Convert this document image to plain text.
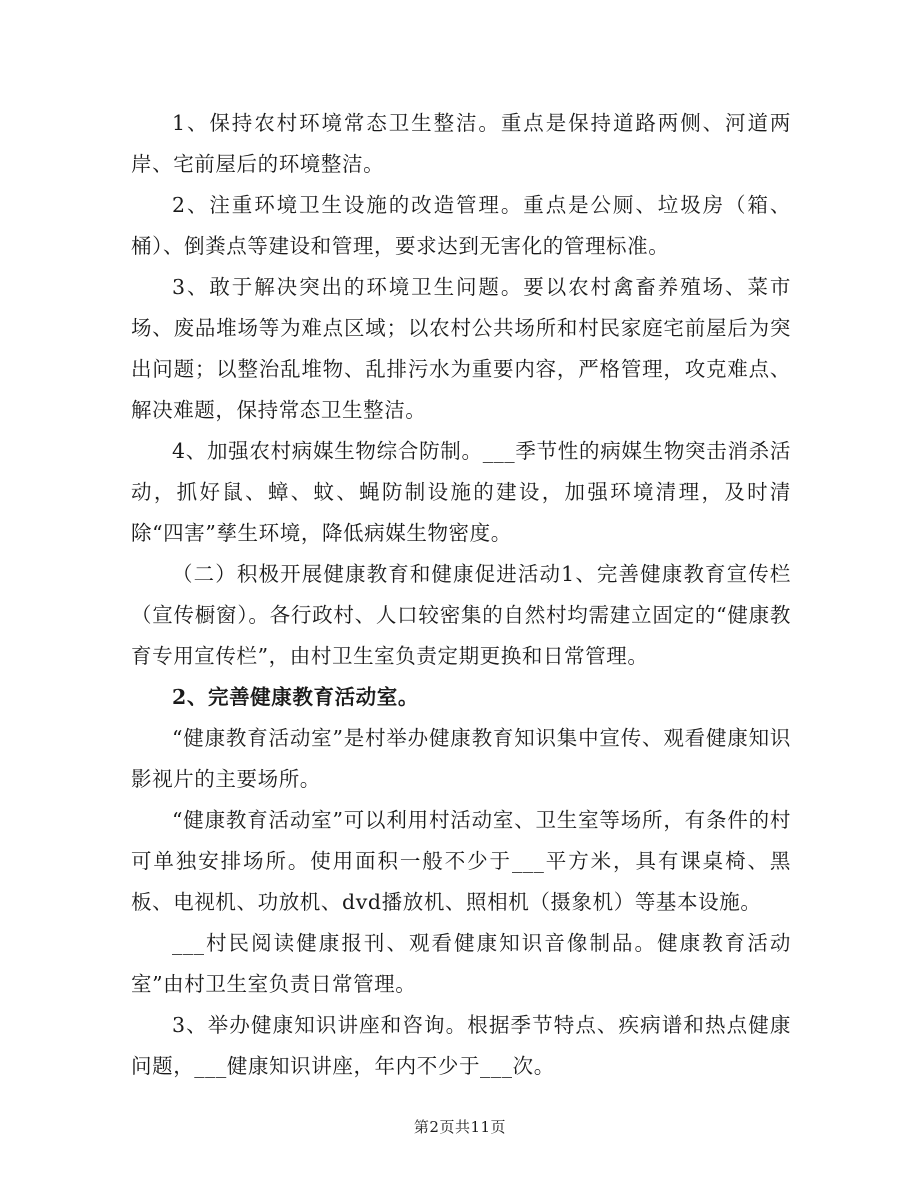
1、保持农村环境常态卫生整洁。重点是保持道路两侧、河道两岸、宅前屋后的环境整洁。

2、注重环境卫生设施的改造管理。重点是公厕、垃圾房（箱、桶）、倒粪点等建设和管理，要求达到无害化的管理标准。

3、敢于解决突出的环境卫生问题。要以农村禽畜养殖场、菜市场、废品堆场等为难点区域；以农村公共场所和村民家庭宅前屋后为突出问题；以整治乱堆物、乱排污水为重要内容，严格管理，攻克难点、解决难题，保持常态卫生整洁。

4、加强农村病媒生物综合防制。___季节性的病媒生物突击消杀活动，抓好鼠、蟑、蚊、蝇防制设施的建设，加强环境清理，及时清除“四害”孳生环境，降低病媒生物密度。

（二）积极开展健康教育和健康促进活动1、完善健康教育宣传栏（宣传橱窗）。各行政村、人口较密集的自然村均需建立固定的“健康教育专用宣传栏”，由村卫生室负责定期更换和日常管理。

2、完善健康教育活动室。

“健康教育活动室”是村举办健康教育知识集中宣传、观看健康知识影视片的主要场所。

“健康教育活动室”可以利用村活动室、卫生室等场所，有条件的村可单独安排场所。使用面积一般不少于___平方米，具有课桌椅、黑板、电视机、功放机、dvd播放机、照相机（摄象机）等基本设施。

___村民阅读健康报刊、观看健康知识音像制品。健康教育活动室”由村卫生室负责日常管理。

3、举办健康知识讲座和咨询。根据季节特点、疾病谱和热点健康问题，___健康知识讲座，年内不少于___次。

第2页共11页
